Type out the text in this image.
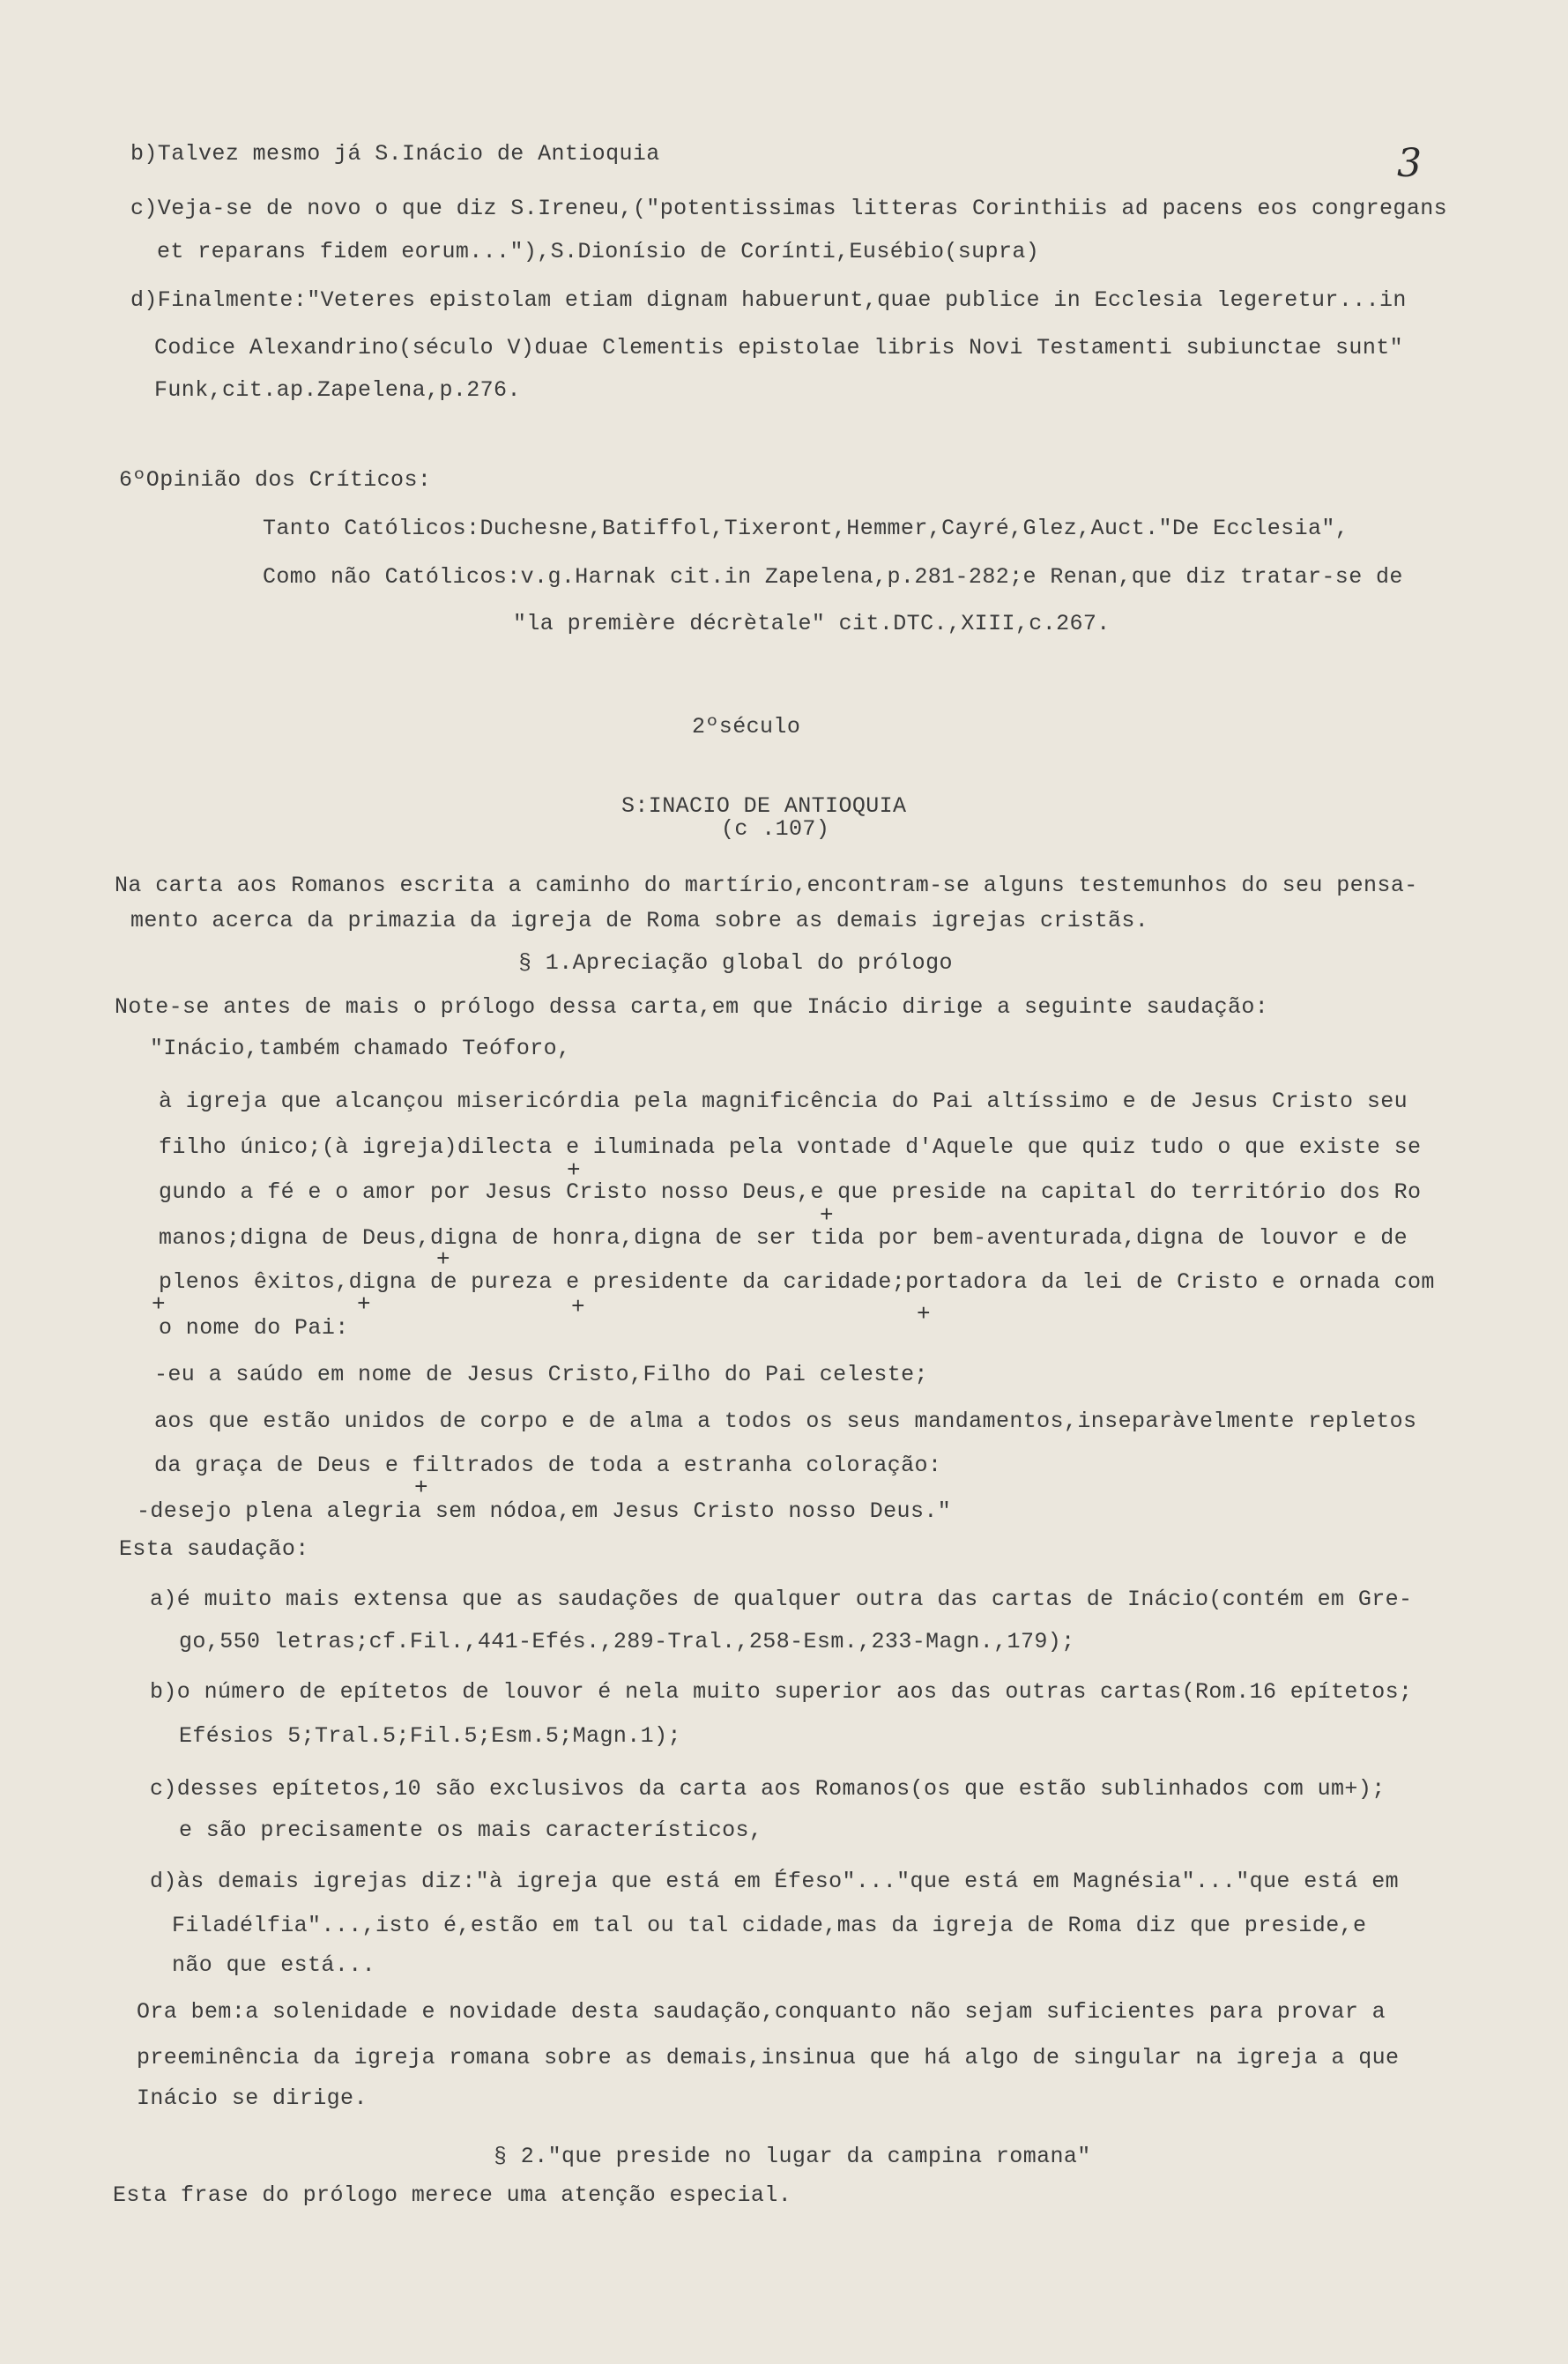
3
b)Talvez mesmo já S.Inácio de Antioquia
c)Veja-se de novo o que diz S.Ireneu,("potentissimas litteras Corinthiis ad pacens eos congregans
et reparans fidem eorum..."),S.Dionísio de Corínti,Eusébio(supra)
d)Finalmente:"Veteres epistolam etiam dignam habuerunt,quae publice in Ecclesia legeretur...in
Codice Alexandrino(século V)duae Clementis epistolae libris Novi Testamenti subiunctae sunt"
Funk,cit.ap.Zapelena,p.276.
6ºOpinião dos Críticos:
Tanto Católicos:Duchesne,Batiffol,Tixeront,Hemmer,Cayré,Glez,Auct."De Ecclesia",
Como não Católicos:v.g.Harnak cit.in Zapelena,p.281-282;e Renan,que diz tratar-se de
"la première décrètale" cit.DTC.,XIII,c.267.
2ºséculo
S:INACIO DE ANTIOQUIA
(c .107)
Na carta aos Romanos escrita a caminho do martírio,encontram-se alguns testemunhos do seu pensa-
mento acerca da primazia da igreja de Roma sobre as demais igrejas cristãs.
§ 1.Apreciação global do prólogo
Note-se antes de mais o prólogo dessa carta,em que Inácio dirige a seguinte saudação:
"Inácio,também chamado Teóforo,
à igreja que alcançou misericórdia pela magnificência do Pai altíssimo e de Jesus Cristo seu
filho único;(à igreja)dilecta e iluminada pela vontade d'Aquele que quiz tudo o que existe se
gundo a fé e o amor por Jesus Cristo nosso Deus,e que preside na capital do território dos Ro
manos;digna de Deus,digna de honra,digna de ser tida por bem-aventurada,digna de louvor e de
plenos êxitos,digna de pureza e presidente da caridade;portadora da lei de Cristo e ornada com
o nome do Pai:
+
+
+
+
+	+	+
+
-eu a saúdo em nome de Jesus Cristo,Filho do Pai celeste;
aos que estão unidos de corpo e de alma a todos os seus mandamentos,inseparàvelmente repletos
da graça de Deus e filtrados de toda a estranha coloração:
-desejo plena alegria sem nódoa,em Jesus Cristo nosso Deus."
Esta saudação:
a)é muito mais extensa que as saudações de qualquer outra das cartas de Inácio(contém em Gre-
go,550 letras;cf.Fil.,441-Efés.,289-Tral.,258-Esm.,233-Magn.,179);
b)o número de epítetos de louvor é nela muito superior aos das outras cartas(Rom.16 epítetos;
Efésios 5;Tral.5;Fil.5;Esm.5;Magn.1);
c)desses epítetos,10 são exclusivos da carta aos Romanos(os que estão sublinhados com um+);
e são precisamente os mais característicos,
d)às demais igrejas diz:"à igreja que está em Éfeso"..."que está em Magnésia"..."que está em
Filadélfia"...,isto é,estão em tal ou tal cidade,mas da igreja de Roma diz que preside,e
não que está...
Ora bem:a solenidade e novidade desta saudação,conquanto não sejam suficientes para provar a
preeminência da igreja romana sobre as demais,insinua que há algo de singular na igreja a que
Inácio se dirige.
§ 2."que preside no lugar da campina romana"
Esta frase do prólogo merece uma atenção especial.
